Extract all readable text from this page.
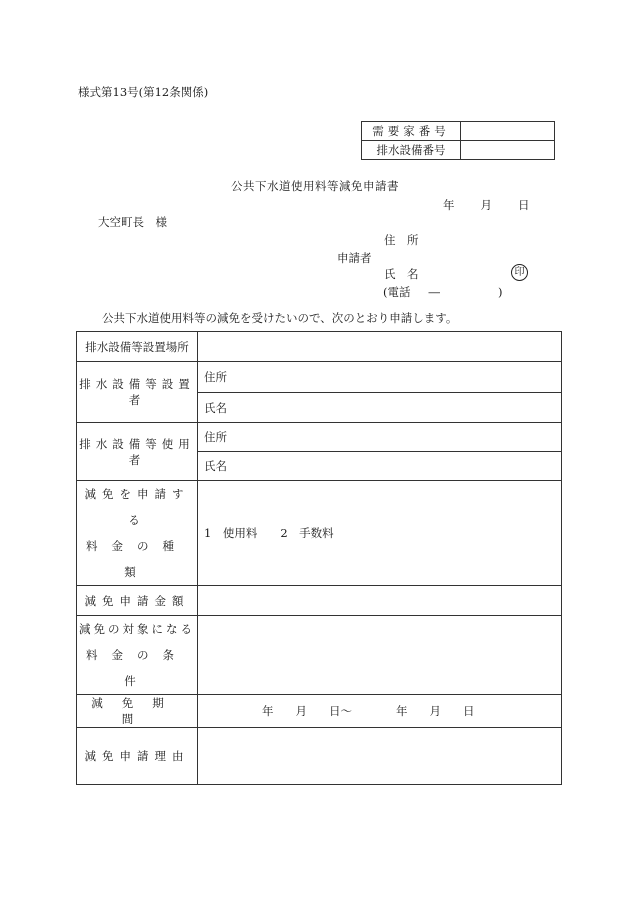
様式第13号(第12条関係)
需要家番号	
排水設備番号	
公共下水道使用料等減免申請書
年 月 日
大空町長　様
住　所
申請者
氏　名	印
(電話 ―	)
公共下水道使用料等の減免を受けたいので、次のとおり申請します。
排水設備等設置場所	
排水設備等設置者	住所
	氏名
排水設備等使用者	住所
	氏名

減免を申請する
料金の種類	1　使用料　　2　手数料
減免申請金額	

減免の対象になる
料金の条件	

減免期間	年 月 日～ 年 月 日

減免申請理由	
